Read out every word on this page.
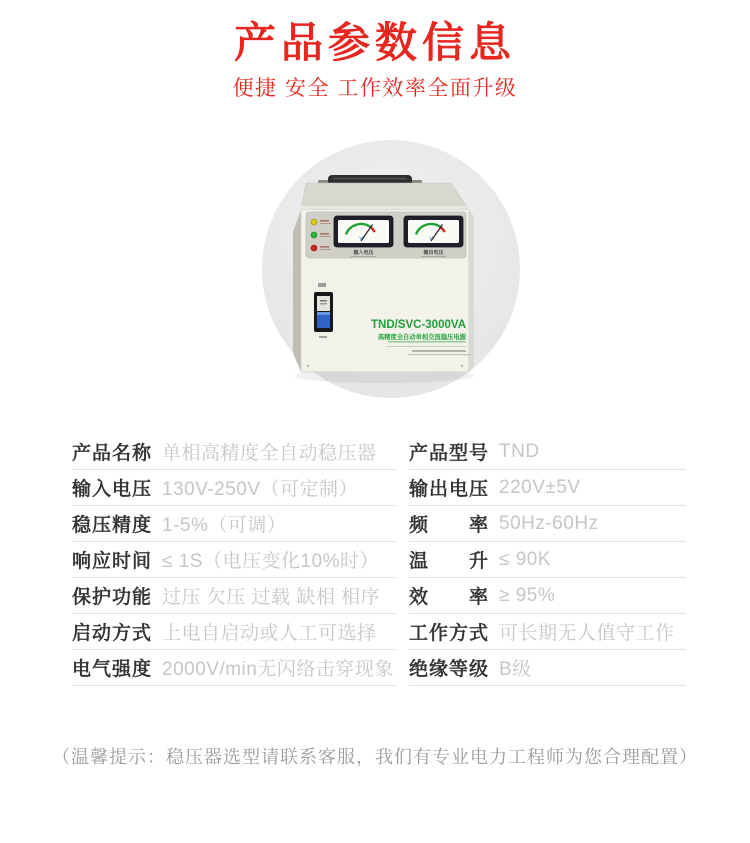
产品参数信息
便捷 安全 工作效率全面升级
V
输入电压
V
输出电压
TND/SVC-3000VA
高精度全自动单相交流稳压电源
产品名称 单相高精度全自动稳压器 产品型号 TND
输入电压 130V-250V（可定制）	输出电压 220V±5V
稳压精度 1-5%（可调）	频　　率 50Hz-60Hz
响应时间 ≤ 1S（电压变化10%时） 温　　升 ≤ 90K
保护功能 过压 欠压 过载 缺相 相序 效　　率 ≥ 95%
启动方式 上电自启动或人工可选择 工作方式 可长期无人值守工作
电气强度 2000V/min无闪络击穿现象 绝缘等级 B级
（温馨提示：稳压器选型请联系客服，我们有专业电力工程师为您合理配置）
